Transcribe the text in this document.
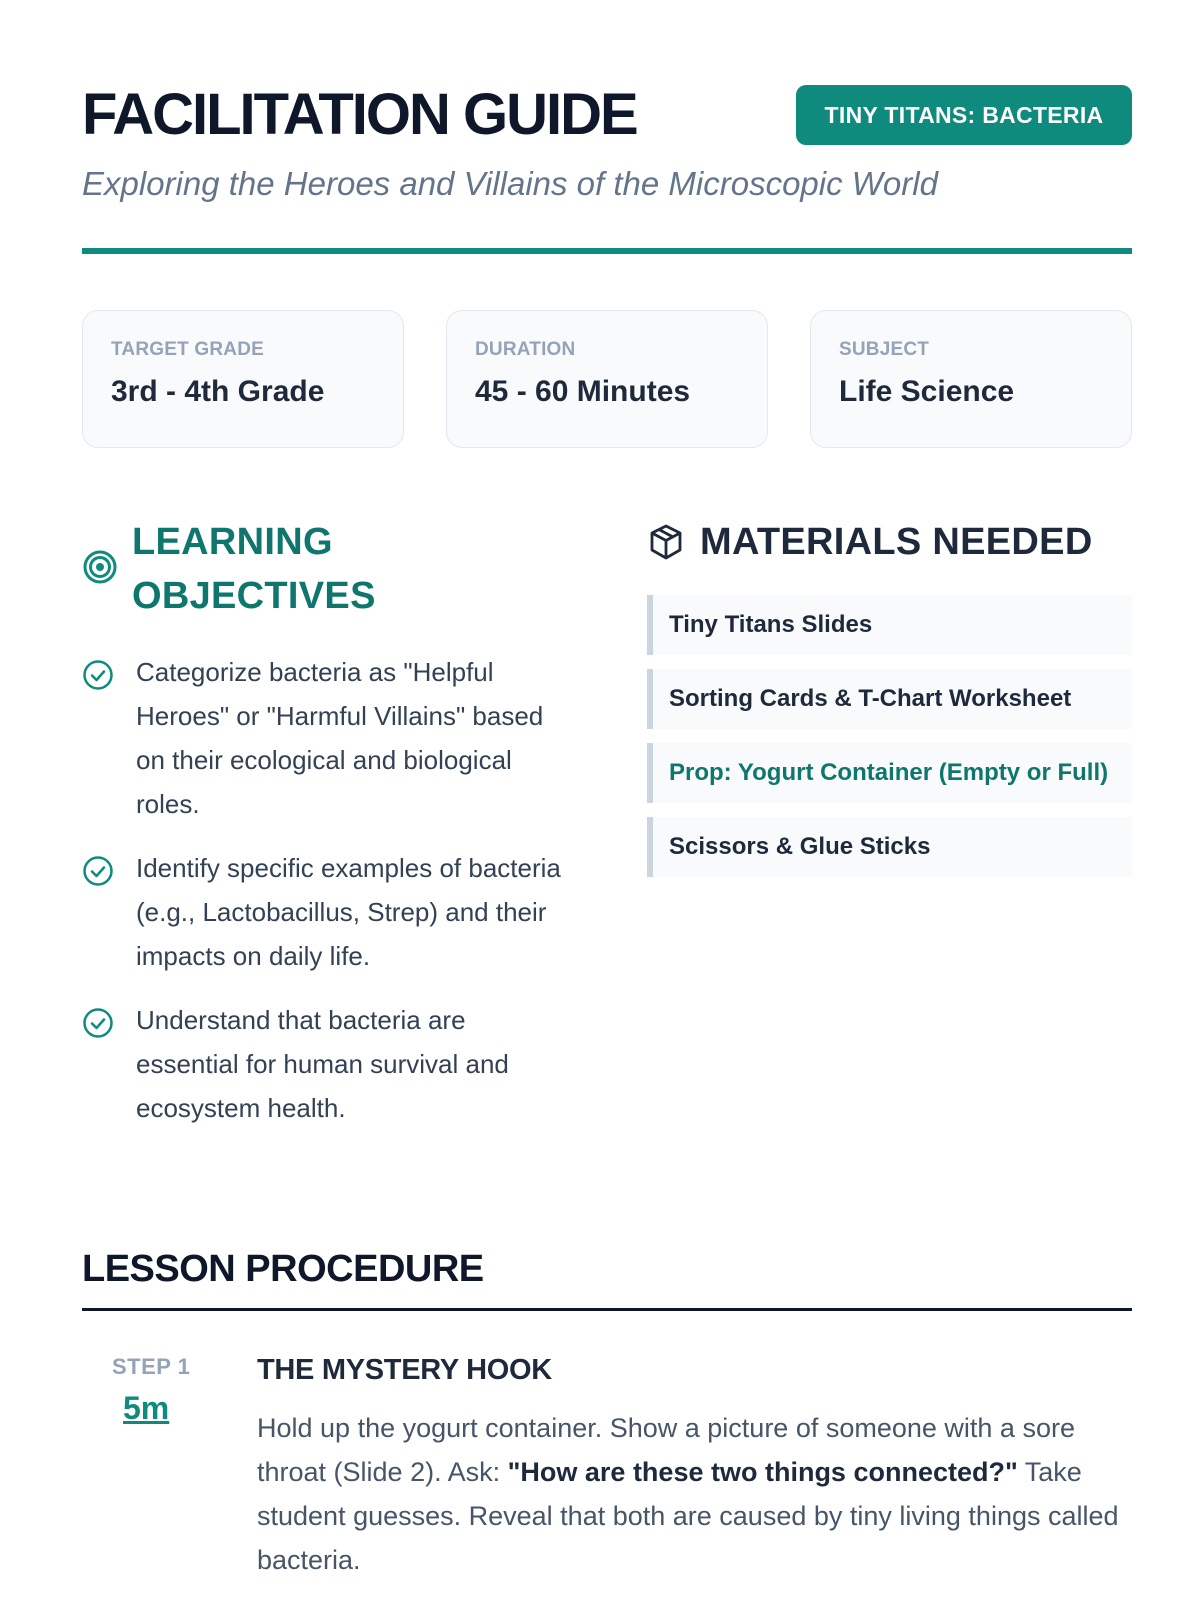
FACILITATION GUIDE	TINY TITANS: BACTERIA
Exploring the Heroes and Villains of the Microscopic World
TARGET GRADE
3rd - 4th Grade
DURATION
45 - 60 Minutes
SUBJECT
Life Science
LEARNING
OBJECTIVES
Categorize bacteria as "Helpful Heroes" or "Harmful Villains" based on their ecological and biological roles.
Identify specific examples of bacteria (e.g., Lactobacillus, Strep) and their impacts on daily life.
Understand that bacteria are essential for human survival and ecosystem health.
MATERIALS NEEDED
Tiny Titans Slides
Sorting Cards & T-Chart Worksheet
Prop: Yogurt Container (Empty or Full)
Scissors & Glue Sticks
LESSON PROCEDURE
STEP 1
5m
THE MYSTERY HOOK

Hold up the yogurt container. Show a picture of someone with a sore throat (Slide 2). Ask: "How are these two things connected?" Take student guesses. Reveal that both are caused by tiny living things called bacteria.
